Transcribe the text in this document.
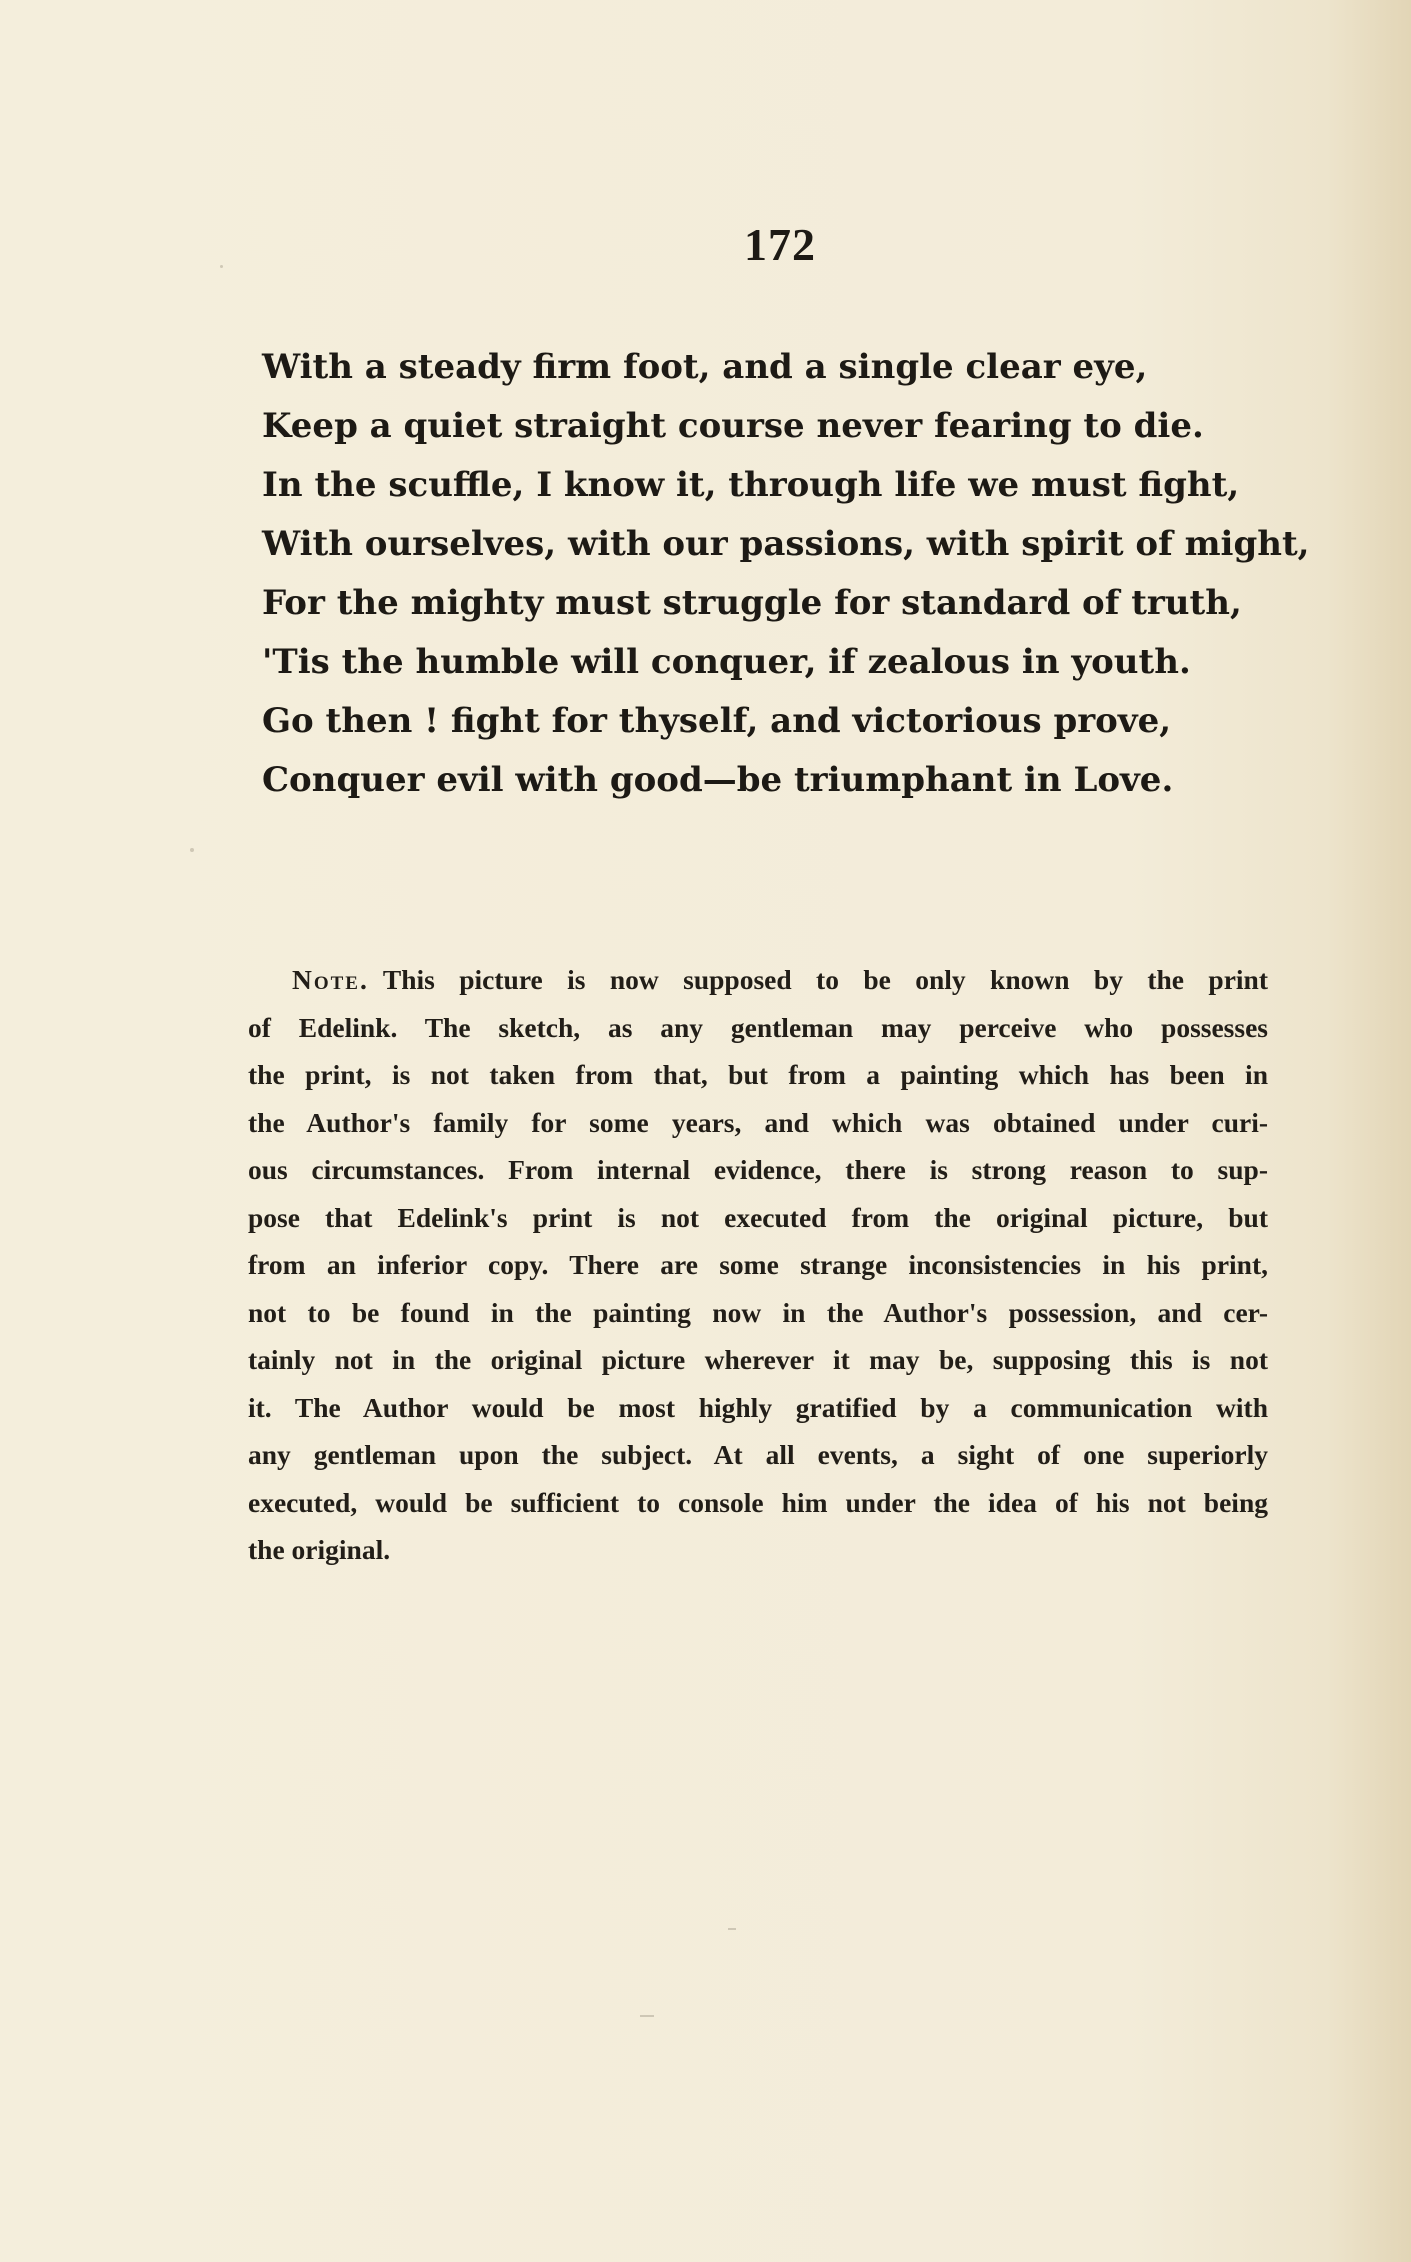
172
With a steady firm foot, and a single clear eye,
Keep a quiet straight course never fearing to die.
In the scuffle, I know it, through life we must fight,
With ourselves, with our passions, with spirit of might,
For the mighty must struggle for standard of truth,
'Tis the humble will conquer, if zealous in youth.
Go then ! fight for thyself, and victorious prove,
Conquer evil with good—be triumphant in Love.
Note. This picture is now supposed to be only known by the print
of Edelink. The sketch, as any gentleman may perceive who possesses
the print, is not taken from that, but from a painting which has been in
the Author's family for some years, and which was obtained under curi-
ous circumstances. From internal evidence, there is strong reason to sup-
pose that Edelink's print is not executed from the original picture, but
from an inferior copy. There are some strange inconsistencies in his print,
not to be found in the painting now in the Author's possession, and cer-
tainly not in the original picture wherever it may be, supposing this is not
it. The Author would be most highly gratified by a communication with
any gentleman upon the subject. At all events, a sight of one superiorly
executed, would be sufficient to console him under the idea of his not being
the original.
